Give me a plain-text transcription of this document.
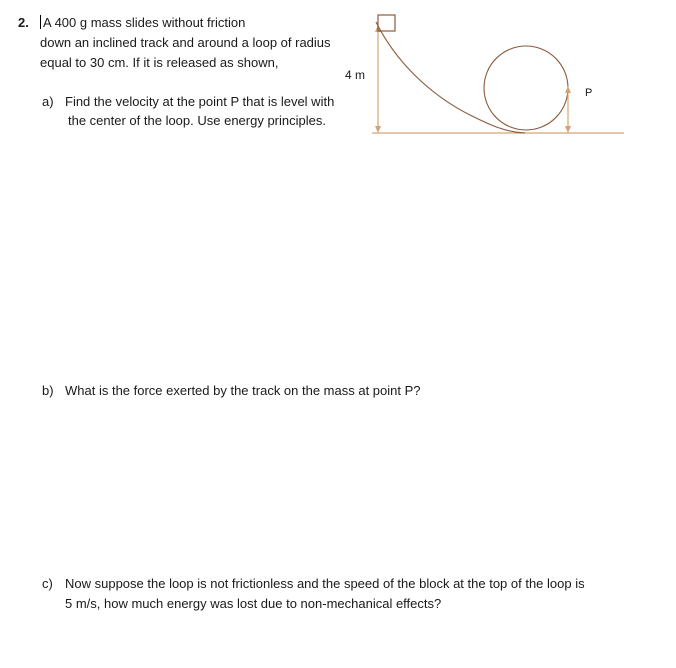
2. A 400 g mass slides without friction
down an inclined track and around a loop of radius
equal to 30 cm. If it is released as shown,
4 m
P
a) Find the velocity at the point P that is level with
the center of the loop. Use energy principles.
b) What is the force exerted by the track on the mass at point P?
c) Now suppose the loop is not frictionless and the speed of the block at the top of the loop is
5 m/s, how much energy was lost due to non-mechanical effects?
